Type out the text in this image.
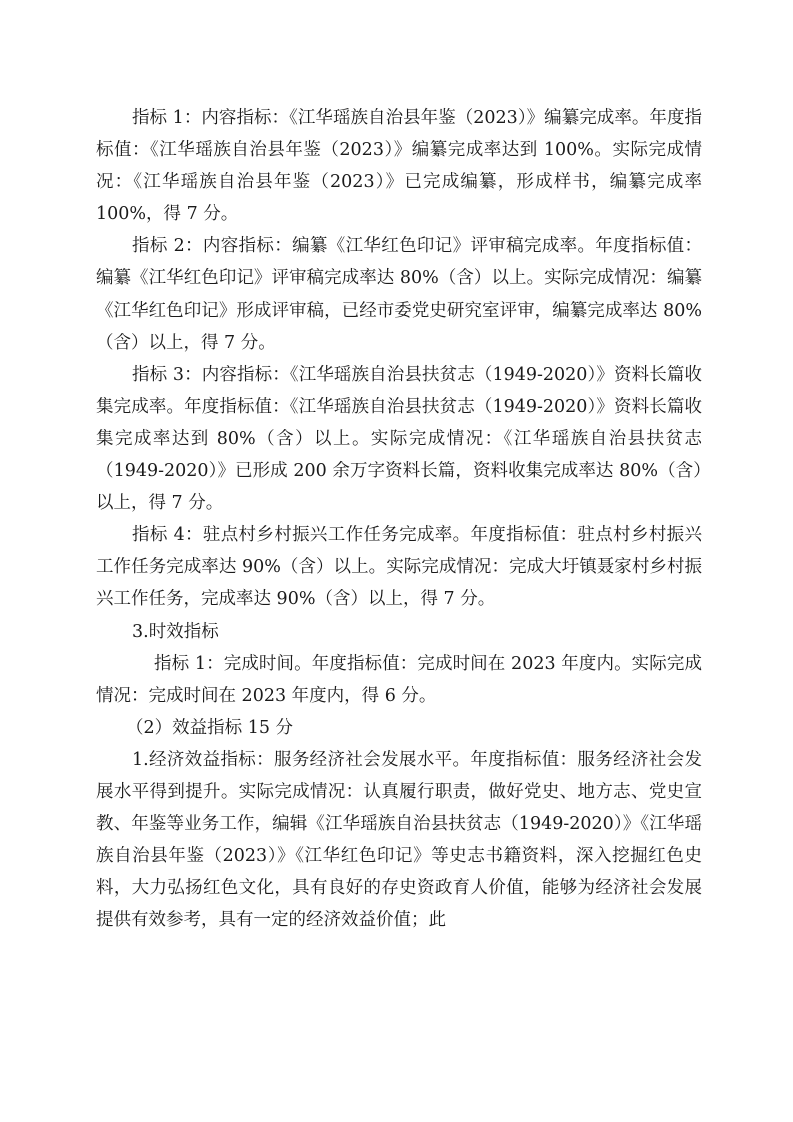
指标 1：内容指标：《江华瑶族自治县年鉴（2023）》编纂完成率。年度指标值：《江华瑶族自治县年鉴（2023）》编纂完成率达到 100%。实际完成情况：《江华瑶族自治县年鉴（2023）》已完成编纂，形成样书，编纂完成率 100%，得 7 分。

指标 2：内容指标：编纂《江华红色印记》评审稿完成率。年度指标值：编纂《江华红色印记》评审稿完成率达 80%（含）以上。实际完成情况：编纂《江华红色印记》形成评审稿，已经市委党史研究室评审，编纂完成率达 80%（含）以上，得 7 分。

指标 3：内容指标：《江华瑶族自治县扶贫志（1949-2020）》资料长篇收集完成率。年度指标值：《江华瑶族自治县扶贫志（1949-2020）》资料长篇收集完成率达到 80%（含）以上。实际完成情况：《江华瑶族自治县扶贫志（1949-2020）》已形成 200 余万字资料长篇，资料收集完成率达 80%（含）以上，得 7 分。

指标 4：驻点村乡村振兴工作任务完成率。年度指标值：驻点村乡村振兴工作任务完成率达 90%（含）以上。实际完成情况：完成大圩镇聂家村乡村振兴工作任务，完成率达 90%（含）以上，得 7 分。

3.时效指标

指标 1：完成时间。年度指标值：完成时间在 2023 年度内。实际完成情况：完成时间在 2023 年度内，得 6 分。

（2）效益指标 15 分

1.经济效益指标：服务经济社会发展水平。年度指标值：服务经济社会发展水平得到提升。实际完成情况：认真履行职责，做好党史、地方志、党史宣教、年鉴等业务工作，编辑《江华瑶族自治县扶贫志（1949-2020）》《江华瑶族自治县年鉴（2023）》《江华红色印记》等史志书籍资料，深入挖掘红色史料，大力弘扬红色文化，具有良好的存史资政育人价值，能够为经济社会发展提供有效参考，具有一定的经济效益价值；此
